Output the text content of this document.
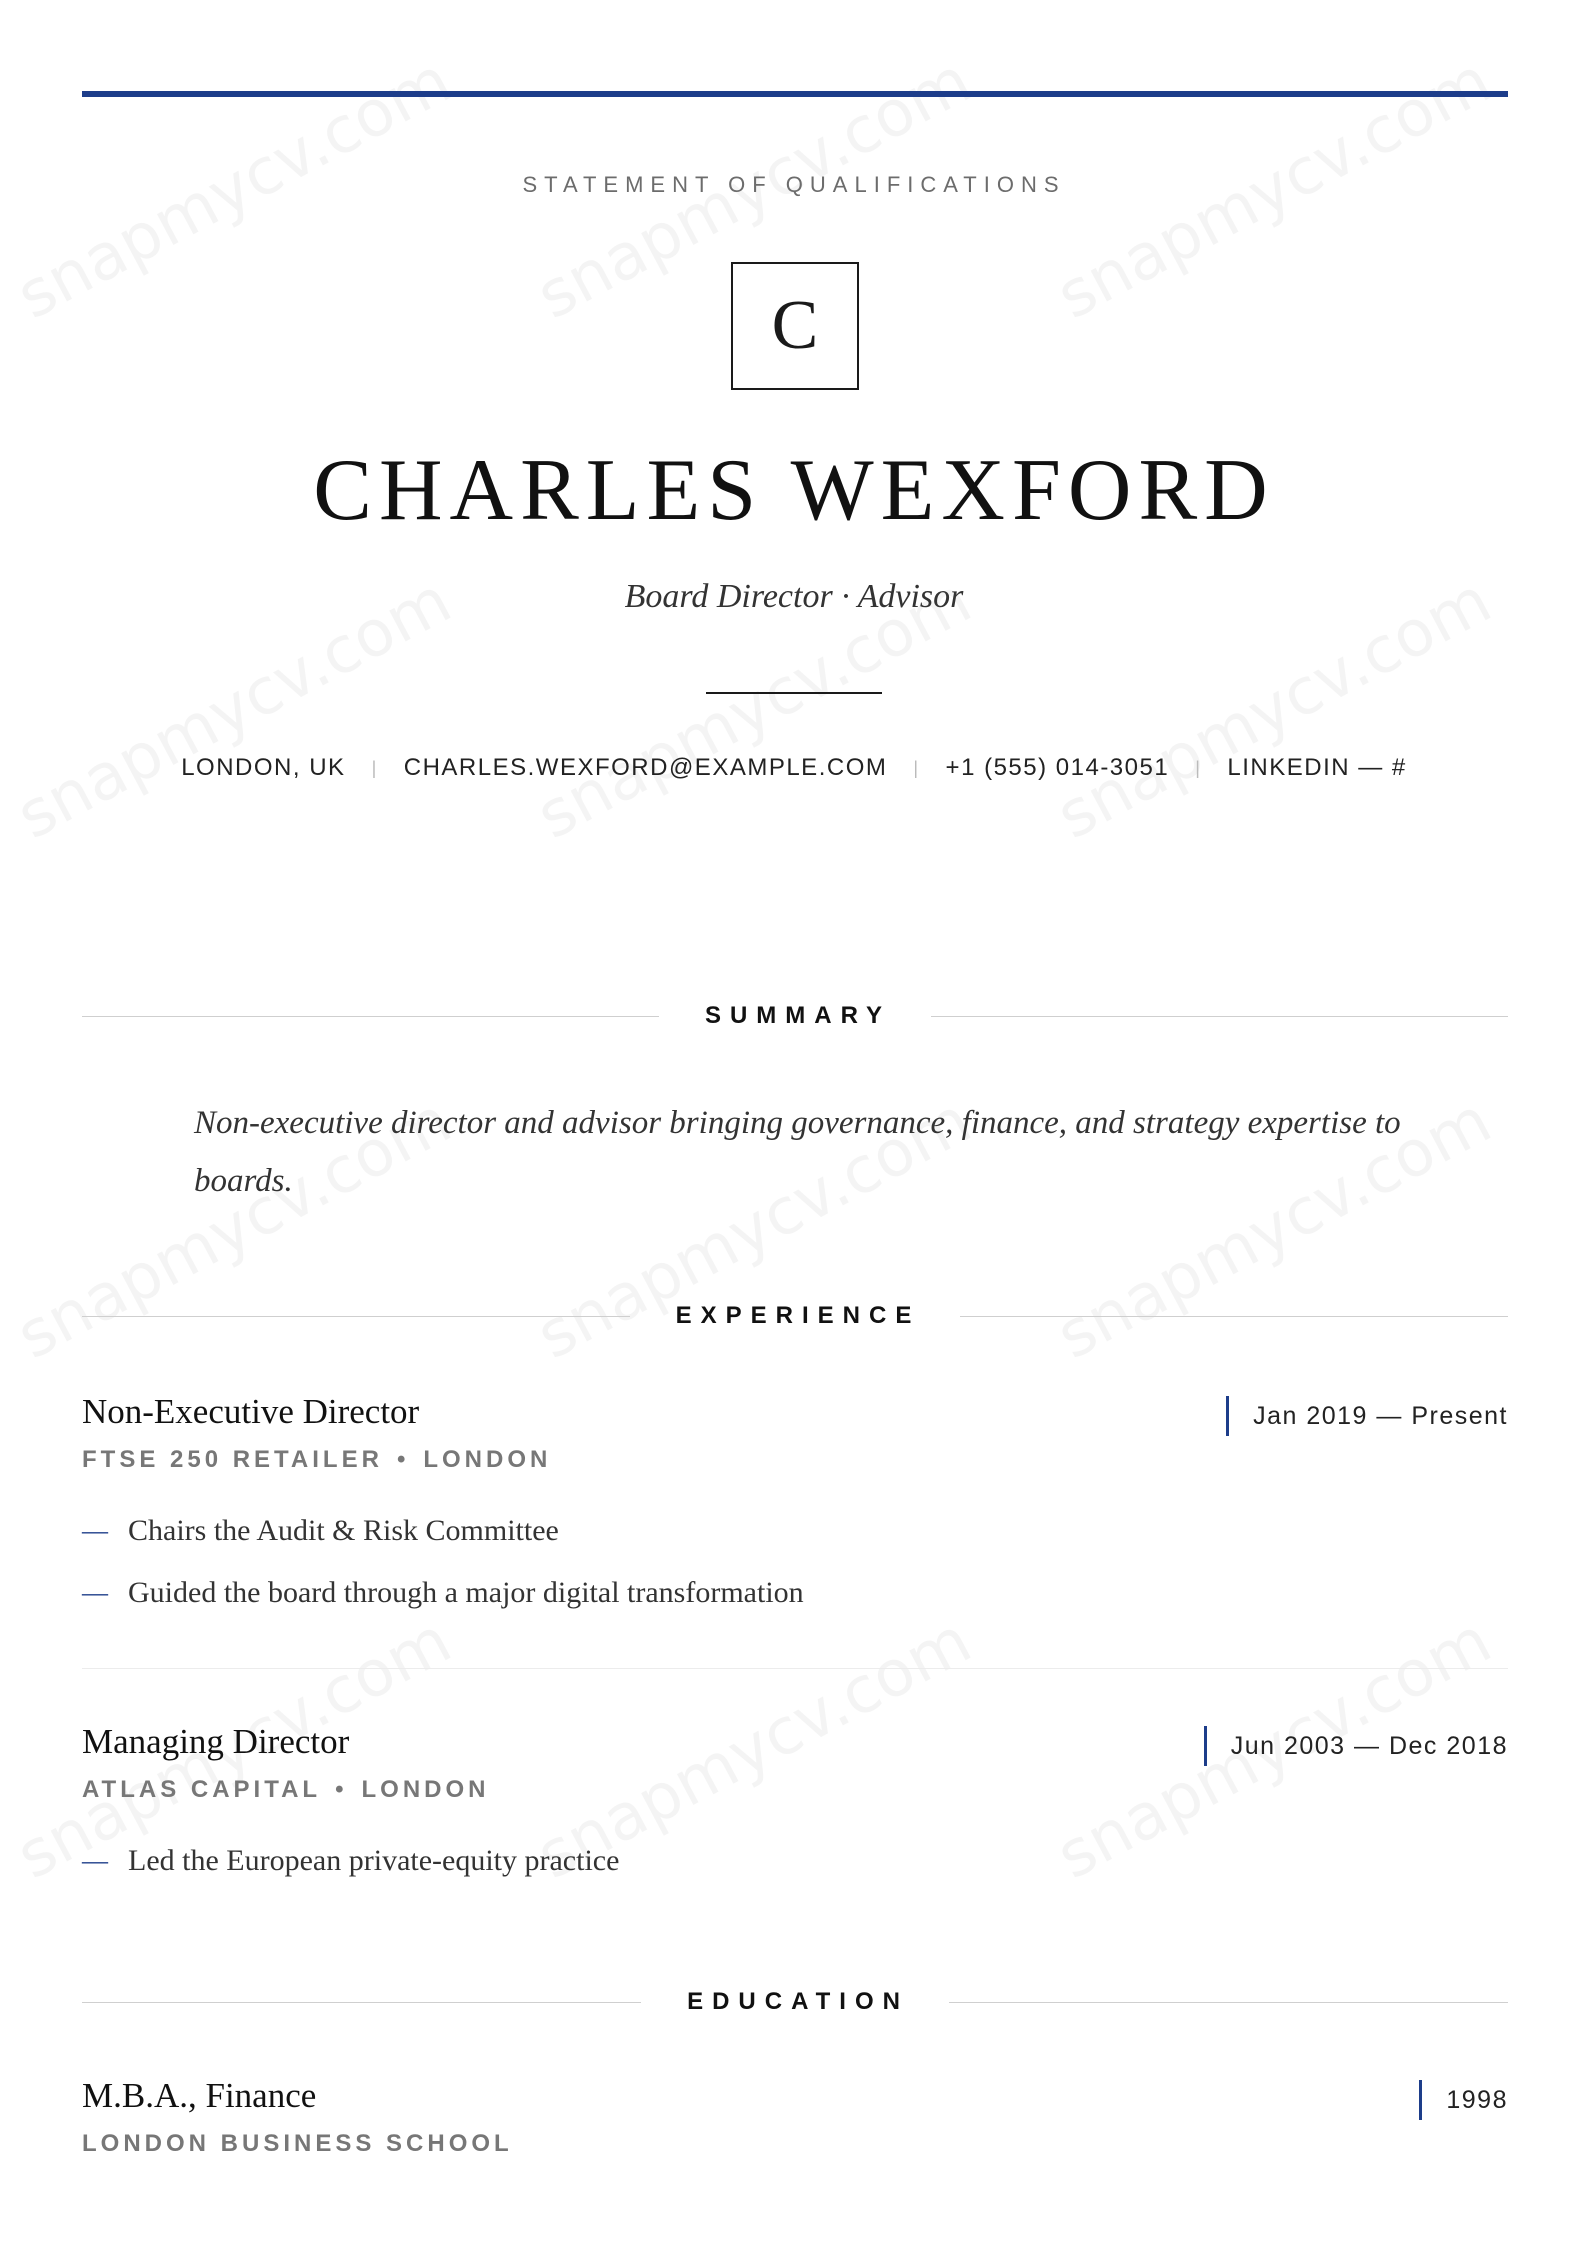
STATEMENT OF QUALIFICATIONS
C
CHARLES WEXFORD
Board Director · Advisor
LONDON, UK | CHARLES.WEXFORD@EXAMPLE.COM | +1 (555) 014-3051 | LINKEDIN — #
SUMMARY

Non-executive director and advisor bringing governance, finance, and strategy expertise to boards.

EXPERIENCE
Non-Executive Director
FTSE 250 RETAILER • LONDON
Jan 2019 — Present
— Chairs the Audit & Risk Committee
— Guided the board through a major digital transformation
Managing Director
ATLAS CAPITAL • LONDON
Jun 2003 — Dec 2018
— Led the European private-equity practice
EDUCATION
M.B.A., Finance
LONDON BUSINESS SCHOOL
1998
